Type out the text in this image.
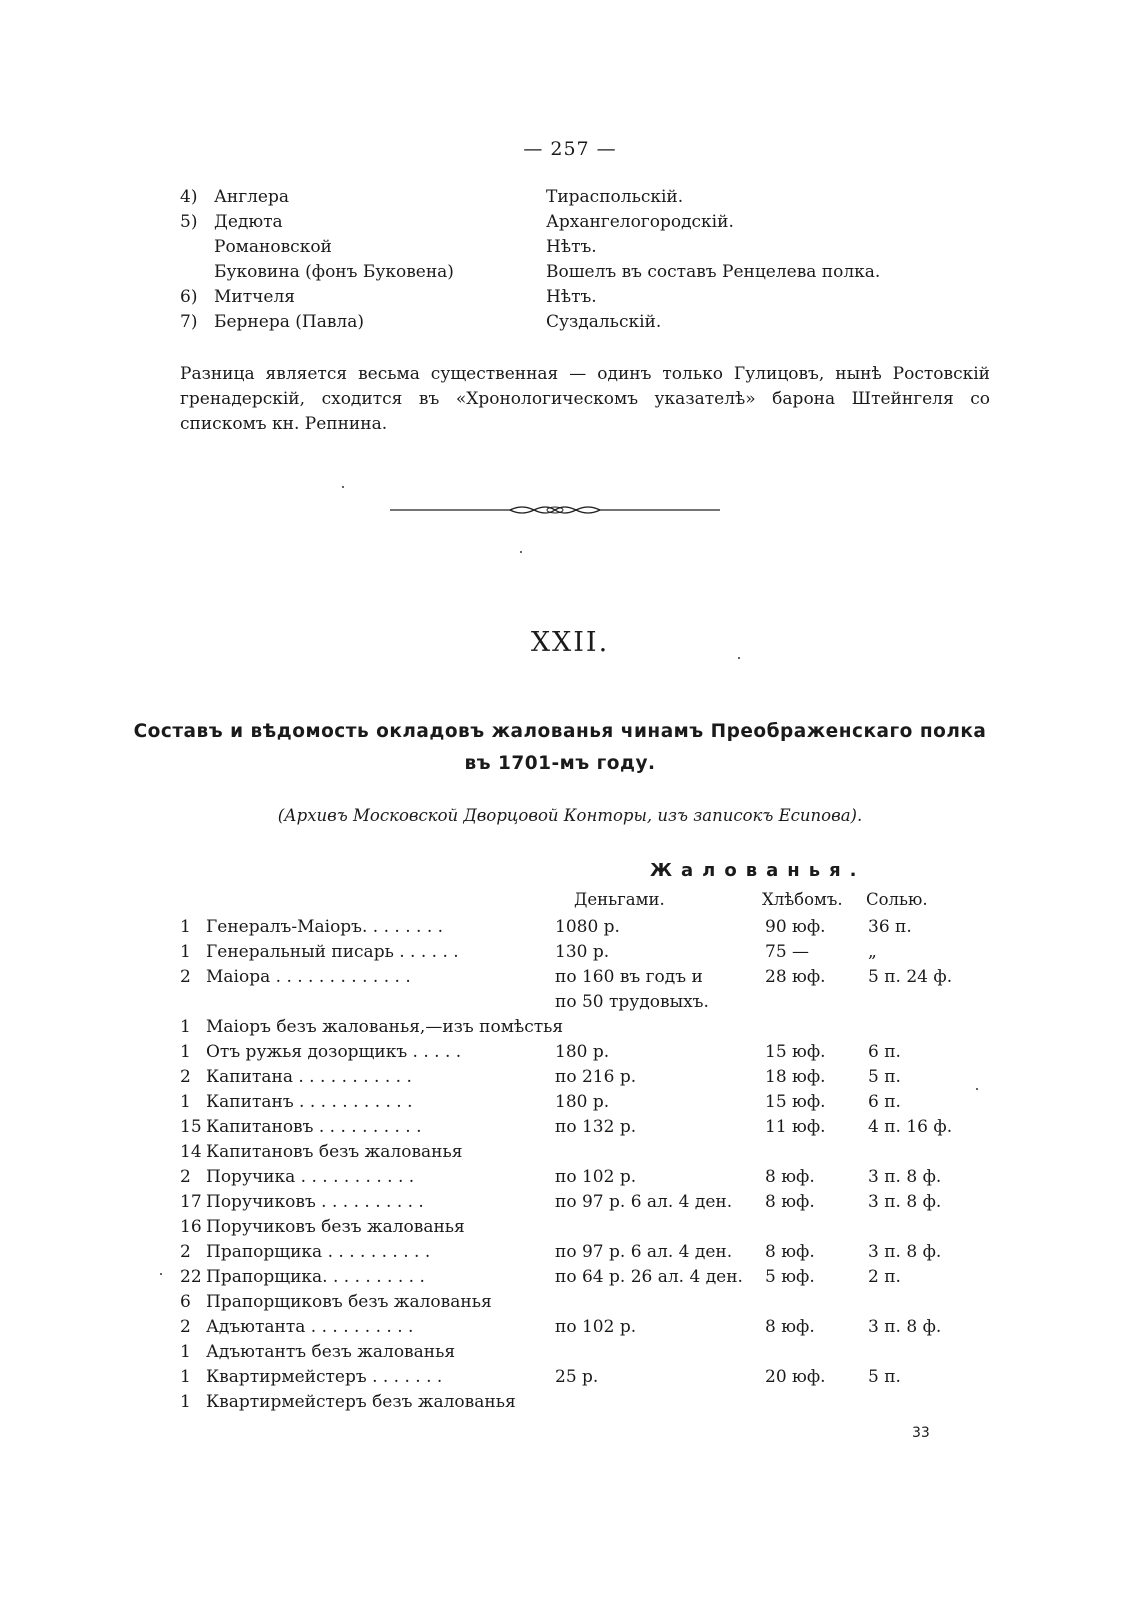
— 257 —
4) Англера	Тираспольскій.
5) Дедюта	Архангелогородскій.
Романовской	Нѣтъ.
Буковина (фонъ Буковена)	Вошелъ въ составъ Ренцелева полка.
6) Митчеля	Нѣтъ.
7) Бернера (Павла)	Суздальскій.
Разница является весьма существенная — одинъ только Гулицовъ, нынѣ Ростовскій гренадерскій, сходится въ «Хронологическомъ указателѣ» барона Штейнгеля со спискомъ кн. Репнина.
XXII.
Составъ и вѣдомость окладовъ жалованья чинамъ Преображенскаго полка
въ 1701-мъ году.
(Архивъ Московской Дворцовой Конторы, изъ записокъ Есипова).
Жалованья.
Деньгами.	Хлѣбомъ. Солью.
1 Генералъ-Маіоръ. . . . . . . .	1080 р.	90 юф.	36 п.
1 Генеральный писарь . . . . . .	130 р.	75 —	„
2 Маіора . . . . . . . . . . . . .	по 160 въ годъ и	28 юф.	5 п. 24 ф.
по 50 трудовыхъ.
1 Маіоръ безъ жалованья,—изъ помѣстья
1 Отъ ружья дозорщикъ . . . . .	180 р.	15 юф.	6 п.
2 Капитана . . . . . . . . . . .	по 216 р.	18 юф.	5 п.
1 Капитанъ . . . . . . . . . . .	180 р.	15 юф.	6 п.
15 Капитановъ . . . . . . . . . .	по 132 р.	11 юф.	4 п. 16 ф.
14 Капитановъ безъ жалованья
2 Поручика . . . . . . . . . . .	по 102 р.	8 юф.	3 п. 8 ф.
17 Поручиковъ . . . . . . . . . .	по 97 р. 6 ал. 4 ден.	8 юф.	3 п. 8 ф.
16 Поручиковъ безъ жалованья
2 Прапорщика . . . . . . . . . .	по 97 р. 6 ал. 4 ден.	8 юф.	3 п. 8 ф.
22 Прапорщика. . . . . . . . . .	по 64 р. 26 ал. 4 ден.	5 юф.	2 п.
6 Прапорщиковъ безъ жалованья
2 Адъютанта . . . . . . . . . .	по 102 р.	8 юф.	3 п. 8 ф.
1 Адъютантъ безъ жалованья
1 Квартирмейстеръ . . . . . . .	25 р.	20 юф.	5 п.
1 Квартирмейстеръ безъ жалованья
33
